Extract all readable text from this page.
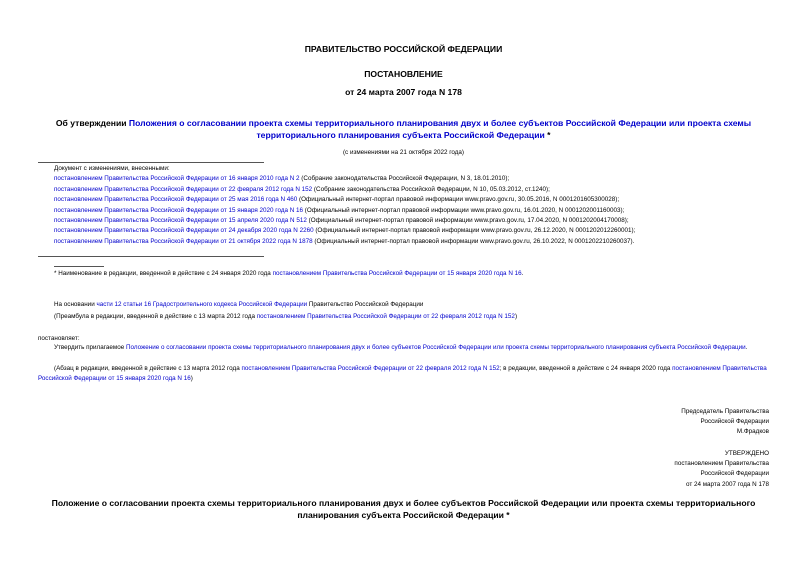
ПРАВИТЕЛЬСТВО РОССИЙСКОЙ ФЕДЕРАЦИИ
ПОСТАНОВЛЕНИЕ
от 24 марта 2007 года N 178
Об утверждении Положения о согласовании проекта схемы территориального планирования двух и более субъектов Российской Федерации или проекта схемы территориального планирования субъекта Российской Федерации *
(с изменениями на 21 октября 2022 года)
Документ с изменениями, внесенными:
постановлением Правительства Российской Федерации от 16 января 2010 года N 2 (Собрание законодательства Российской Федерации, N 3, 18.01.2010);
постановлением Правительства Российской Федерации от 22 февраля 2012 года N 152 (Собрание законодательства Российской Федерации, N 10, 05.03.2012, ст.1240);
постановлением Правительства Российской Федерации от 25 мая 2016 года N 460 (Официальный интернет-портал правовой информации www.pravo.gov.ru, 30.05.2016, N 0001201605300028);
постановлением Правительства Российской Федерации от 15 января 2020 года N 16 (Официальный интернет-портал правовой информации www.pravo.gov.ru, 16.01.2020, N 0001202001160003);
постановлением Правительства Российской Федерации от 15 апреля 2020 года N 512 (Официальный интернет-портал правовой информации www.pravo.gov.ru, 17.04.2020, N 0001202004170008);
постановлением Правительства Российской Федерации от 24 декабря 2020 года N 2260 (Официальный интернет-портал правовой информации www.pravo.gov.ru, 26.12.2020, N 0001202012260001);
постановлением Правительства Российской Федерации от 21 октября 2022 года N 1878 (Официальный интернет-портал правовой информации www.pravo.gov.ru, 26.10.2022, N 0001202210260037).
* Наименование в редакции, введенной в действие с 24 января 2020 года постановлением Правительства Российской Федерации от 15 января 2020 года N 16.
На основании части 12 статьи 16 Градостроительного кодекса Российской Федерации Правительство Российской Федерации
(Преамбула в редакции, введенной в действие с 13 марта 2012 года постановлением Правительства Российской Федерации от 22 февраля 2012 года N 152)
постановляет:
Утвердить прилагаемое Положение о согласовании проекта схемы территориального планирования двух и более субъектов Российской Федерации или проекта схемы территориального планирования субъекта Российской Федерации.
(Абзац в редакции, введенной в действие с 13 марта 2012 года постановлением Правительства Российской Федерации от 22 февраля 2012 года N 152; в редакции, введенной в действие с 24 января 2020 года постановлением Правительства Российской Федерации от 15 января 2020 года N 16)
Председатель Правительства
Российской Федерации
М.Фрадков
УТВЕРЖДЕНО
постановлением Правительства
Российской Федерации
от 24 марта 2007 года N 178
Положение о согласовании проекта схемы территориального планирования двух и более субъектов Российской Федерации или проекта схемы территориального планирования субъекта Российской Федерации *
